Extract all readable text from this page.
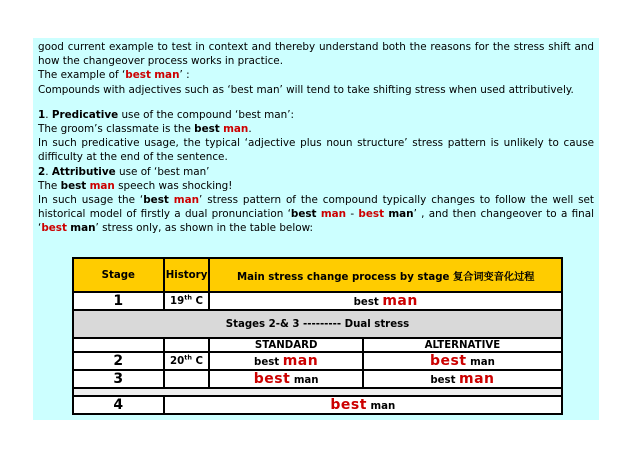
good current example to test in context and thereby understand both the reasons for the stress shift and how the changeover process works in practice.

The example of ‘best man’ :

Compounds with adjectives such as ‘best man’ will tend to take shifting stress when used attributively.

1. Predicative use of the compound ‘best man’:

The groom’s classmate is the best man.

In such predicative usage, the typical ‘adjective plus noun structure’ stress pattern is unlikely to cause difficulty at the end of the sentence.

2. Attributive use of ‘best man’

The best man speech was shocking!

In such usage the ‘best man’ stress pattern of the compound typically changes to follow the well set historical model of firstly a dual pronunciation ‘best man - best man’ , and then changeover to a final ‘best man’ stress only, as shown in the table below:

Stage	History	Main stress change process by stage 复合词变音化过程	
1	19th C	best man	
Stages 2-& 3 --------- Dual stress			
		STANDARD	ALTERNATIVE
2	20th C	best man	best man
3		best man	best man

4	best man		
